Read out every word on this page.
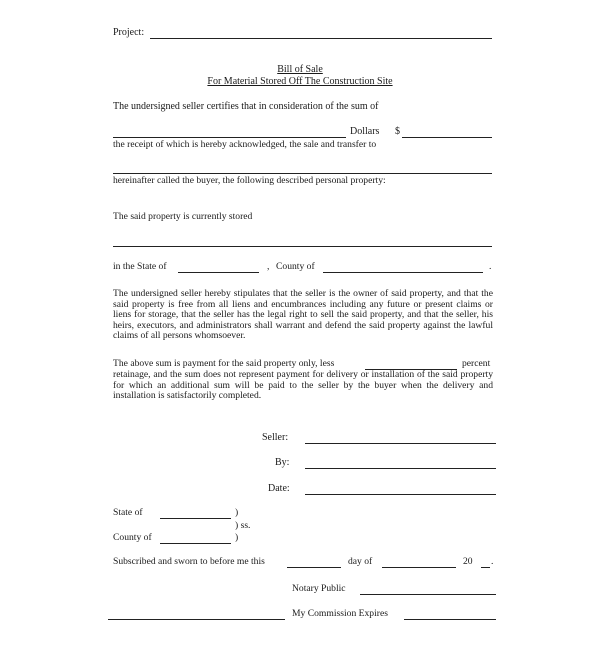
Project:
Bill of Sale
For Material Stored Off The Construction Site
The undersigned seller certifies that in consideration of the sum of
Dollars $
the receipt of which is hereby acknowledged, the sale and transfer to
hereinafter called the buyer, the following described personal property:
The said property is currently stored
in the State of	, County of	.
The undersigned seller hereby stipulates that the seller is the owner of said property, and that the said property is free from all liens and encumbrances including any future or present claims or liens for storage, that the seller has the legal right to sell the said property, and that the seller, his heirs, executors, and administrators shall warrant and defend the said property against the lawful claims of all persons whomsoever.
The above sum is payment for the said property only, less	percent
retainage, and the sum does not represent payment for delivery or installation of the said property for which an additional sum will be paid to the seller by the buyer when the delivery and installation is satisfactorily completed.
Seller:
By:
Date:
State of	)
) ss.
County of	)
Subscribed and sworn to before me this	day of	20 .
Notary Public
My Commission Expires
